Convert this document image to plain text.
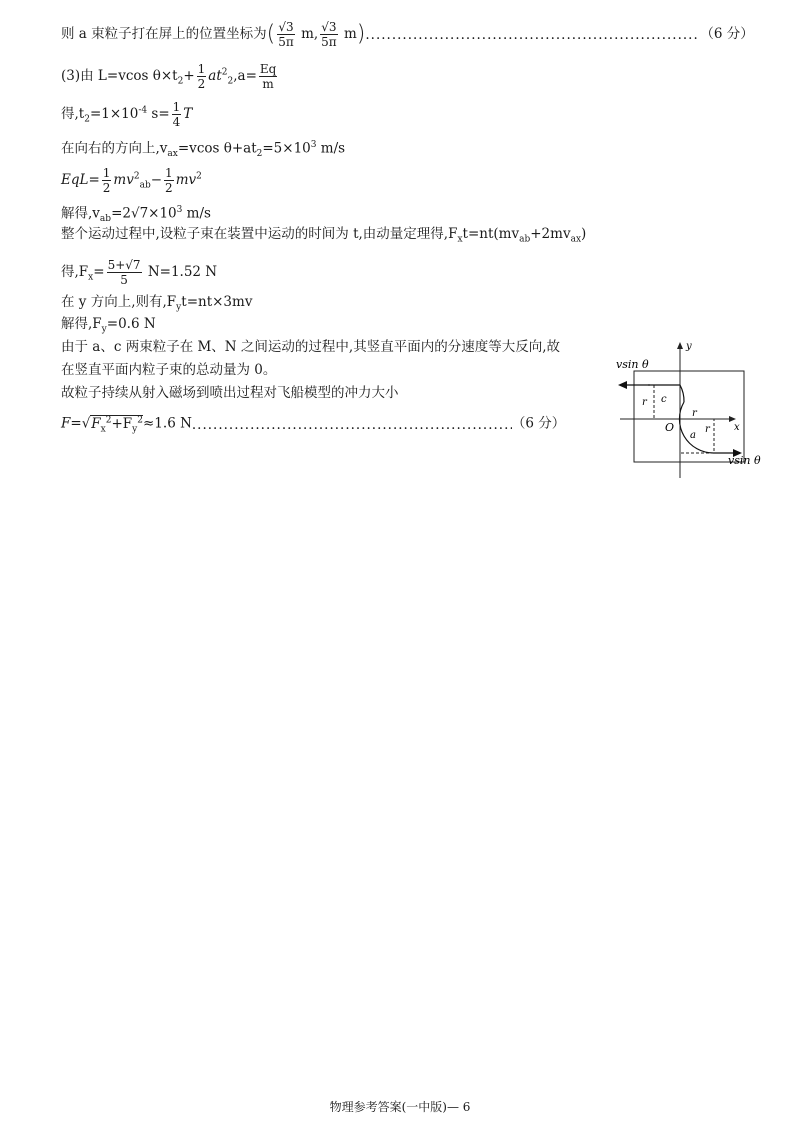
则 a 束粒子打在屏上的位置坐标为( $\frac{√3}{5\pi} m$, $\frac{√3}{5\pi} m)\cdot\cdot\cdot\cdot\cdot$	（6 分）
(3)由 L=vcos $\theta\times t_2+ \frac{1}{2} at^2_2,a= \frac{Eq}{m}$
得$,t_2=1\times 10^{-4}$ $s= \frac{1}{4}$ T
在向右的方向上$,v_{ax}=vcos$ $\theta+at_2=5\times 10^3$ m/s
$EqL= \frac{1}{2} mv^2_{ab}- \frac{1}{2} mv^2$
解得$,v_{ab}=2√7\times 10^3$ m/s
整个运动过程中,设粒子束在装置中运动的时间为 t,由动量定理得$,F_xt=nt(mv_{ab}+2mv_{ax})$
得$,F_x= \frac{5+√7}{5} N=1.52$ N
在 y 方向上,则有$,F_yt=nt\times 3mv$
解得$,F_y=0.6$ N
由于 a、c 两束粒子在 M、N 之间运动的过程中,其竖直平面内的分速度等大反向,故
在竖直平面内粒子束的总动量为 0。
故粒子持续从射入磁场到喷出过程对飞船模型的冲力大小
$F=√F_x^2+F_y^2\approx 1.6$ N·····	（6 分）
vsin θ
vsin θ
y
x
O
r c
r
a
r
物理参考答案(一中版)— 6
